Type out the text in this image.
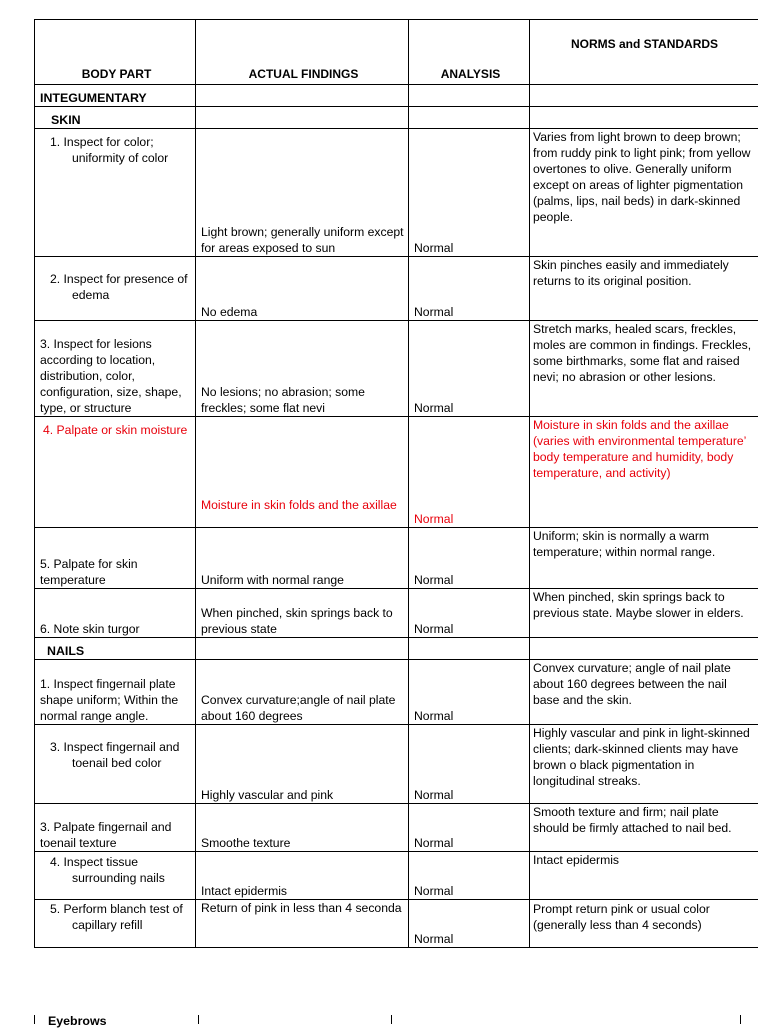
BODY PART	ACTUAL FINDINGS	ANALYSIS	NORMS and STANDARDS
INTEGUMENTARY			
SKIN			

1. Inspect for color; uniformity of color	Light brown; generally uniform except for areas exposed to sun	Normal	Varies from light brown to deep brown; from ruddy pink to light pink; from yellow overtones to olive. Generally uniform except on areas of lighter pigmentation (palms, lips, nail beds) in dark-skinned people.

2. Inspect for presence of edema	No edema	Normal	Skin pinches easily and immediately returns to its original position.
3. Inspect for lesions according to location, distribution, color, configuration, size, shape, type, or structure	No lesions; no abrasion; some freckles; some flat nevi	Normal	Stretch marks, healed scars, freckles, moles are common in findings. Freckles, some birthmarks, some flat and raised nevi; no abrasion or other lesions.
4. Palpate or skin moisture	Moisture in skin folds and the axillae	Normal	Moisture in skin folds and the axillae (varies with environmental temperature’ body temperature and humidity, body temperature, and activity)
5. Palpate for skin temperature	Uniform with normal range	Normal	Uniform; skin is normally a warm temperature; within normal range.
6. Note skin turgor	When pinched, skin springs back to previous state	Normal	When pinched, skin springs back to previous state. Maybe slower in elders.
NAILS			
1. Inspect fingernail plate shape uniform; Within the normal range angle.	Convex curvature;angle of nail plate about 160 degrees	Normal	Convex curvature; angle of nail plate about 160 degrees between the nail base and the skin.

3. Inspect fingernail and toenail bed color	Highly vascular and pink	Normal	Highly vascular and pink in light-skinned clients; dark-skinned clients may have brown o black pigmentation in longitudinal streaks.
3. Palpate fingernail and toenail texture	Smoothe texture	Normal	Smooth texture and firm; nail plate should be firmly attached to nail bed.

4. Inspect tissue surrounding nails	Intact epidermis	Normal	Intact epidermis

5. Perform blanch test of capillary refill	Return of pink in less than 4 seconda	Normal	Prompt return pink or usual color (generally less than 4 seconds)
Eyebrows
